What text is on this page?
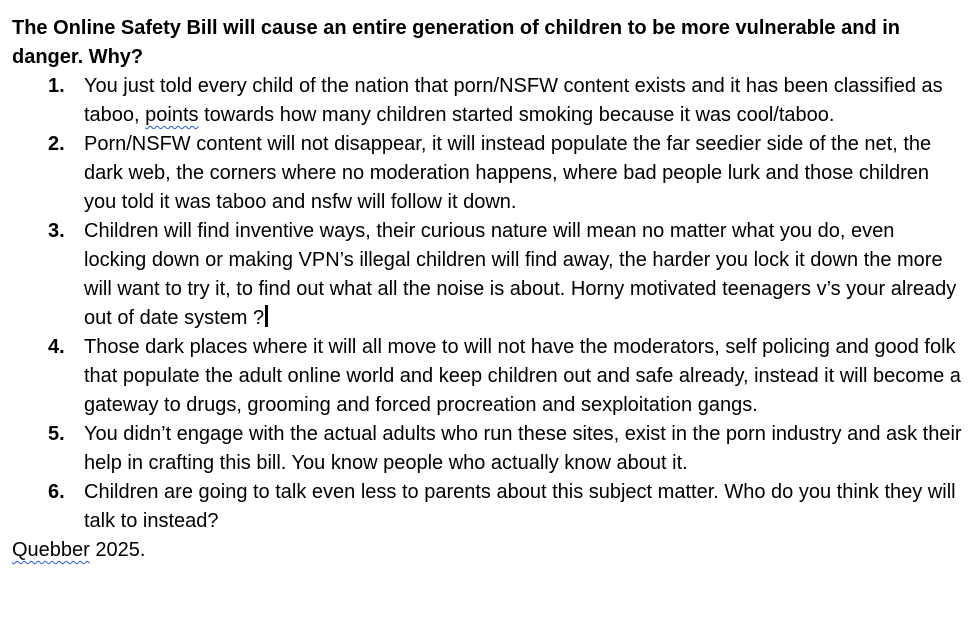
The Online Safety Bill will cause an entire generation of children to be more vulnerable and in danger. Why?

1. You just told every child of the nation that porn/NSFW content exists and it has been classified as taboo, points towards how many children started smoking because it was cool/taboo.
2. Porn/NSFW content will not disappear, it will instead populate the far seedier side of the net, the dark web, the corners where no moderation happens, where bad people lurk and those children you told it was taboo and nsfw will follow it down.
3. Children will find inventive ways, their curious nature will mean no matter what you do, even locking down or making VPN’s illegal children will find away, the harder you lock it down the more will want to try it, to find out what all the noise is about. Horny motivated teenagers v’s your already out of date system ?
4. Those dark places where it will all move to will not have the moderators, self policing and good folk that populate the adult online world and keep children out and safe already, instead it will become a gateway to drugs, grooming and forced procreation and sexploitation gangs.
5. You didn’t engage with the actual adults who run these sites, exist in the porn industry and ask their help in crafting this bill. You know people who actually know about it.
6. Children are going to talk even less to parents about this subject matter. Who do you think they will talk to instead?

Quebber 2025.
